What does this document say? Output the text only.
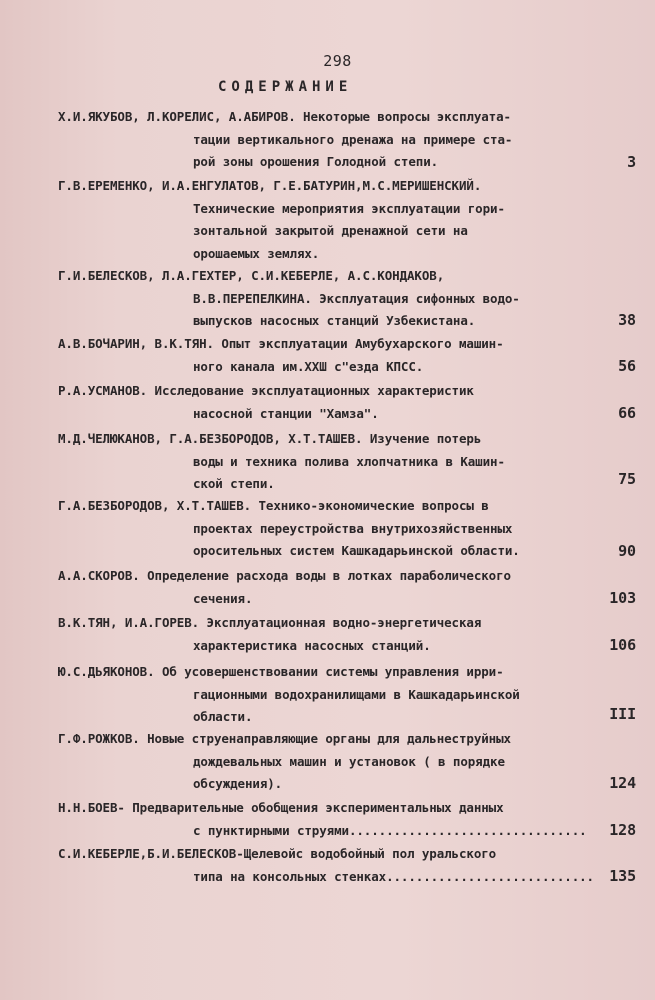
298
СОДЕРЖАНИЕ
Х.И.ЯКУБОВ, Л.КОРЕЛИС, А.АБИРОВ. Некоторые вопросы эксплуата-
тации вертикального дренажа на примере ста-
рой зоны орошения Голодной степи.	3
Г.В.ЕРЕМЕНКО, И.А.ЕНГУЛАТОВ, Г.Е.БАТУРИН,М.С.МЕРИШЕНСКИЙ.
Технические мероприятия эксплуатации гори-
зонтальной закрытой дренажной сети на
орошаемых землях.
Г.И.БЕЛЕСКОВ, Л.А.ГЕХТЕР, С.И.КЕБЕРЛЕ, А.С.КОНДАКОВ,
В.В.ПЕРЕПЕЛКИНА. Эксплуатация сифонных водо-
выпусков насосных станций Узбекистана.	38
А.В.БОЧАРИН, В.К.ТЯН. Опыт эксплуатации Амубухарского машин-
ного канала им.XXШ с"езда КПСС.	56
Р.А.УСМАНОВ. Исследование эксплуатационных характеристик
насосной станции "Хамза".	66
М.Д.ЧЕЛЮКАНОВ, Г.А.БЕЗБОРОДОВ, Х.Т.ТАШЕВ. Изучение потерь
воды и техника полива хлопчатника в Кашин-
ской степи.	75
Г.А.БЕЗБОРОДОВ, Х.Т.ТАШЕВ. Технико-экономические вопросы в
проектах переустройства внутрихозяйственных
оросительных систем Кашкадарьинской области.	90
А.А.СКОРОВ. Определение расхода воды в лотках параболического
сечения.	103
В.К.ТЯН, И.А.ГОРЕВ. Эксплуатационная водно-энергетическая
характеристика насосных станций.	106
Ю.С.ДЬЯКОНОВ. Об усовершенствовании системы управления ирри-
гационными водохранилищами в Кашкадарьинской
области.	III
Г.Ф.РОЖКОВ. Новые струенаправляющие органы для дальнеструйных
дождевальных машин и установок ( в порядке
обсуждения).	124
Н.Н.БОЕВ- Предварительные обобщения экспериментальных данных
с пунктирными струями................................	128
С.И.КЕБЕРЛЕ,Б.И.БЕЛЕСКОВ-Щелевойс водобойный пол уральского
типа на консольных стенках............................	135
